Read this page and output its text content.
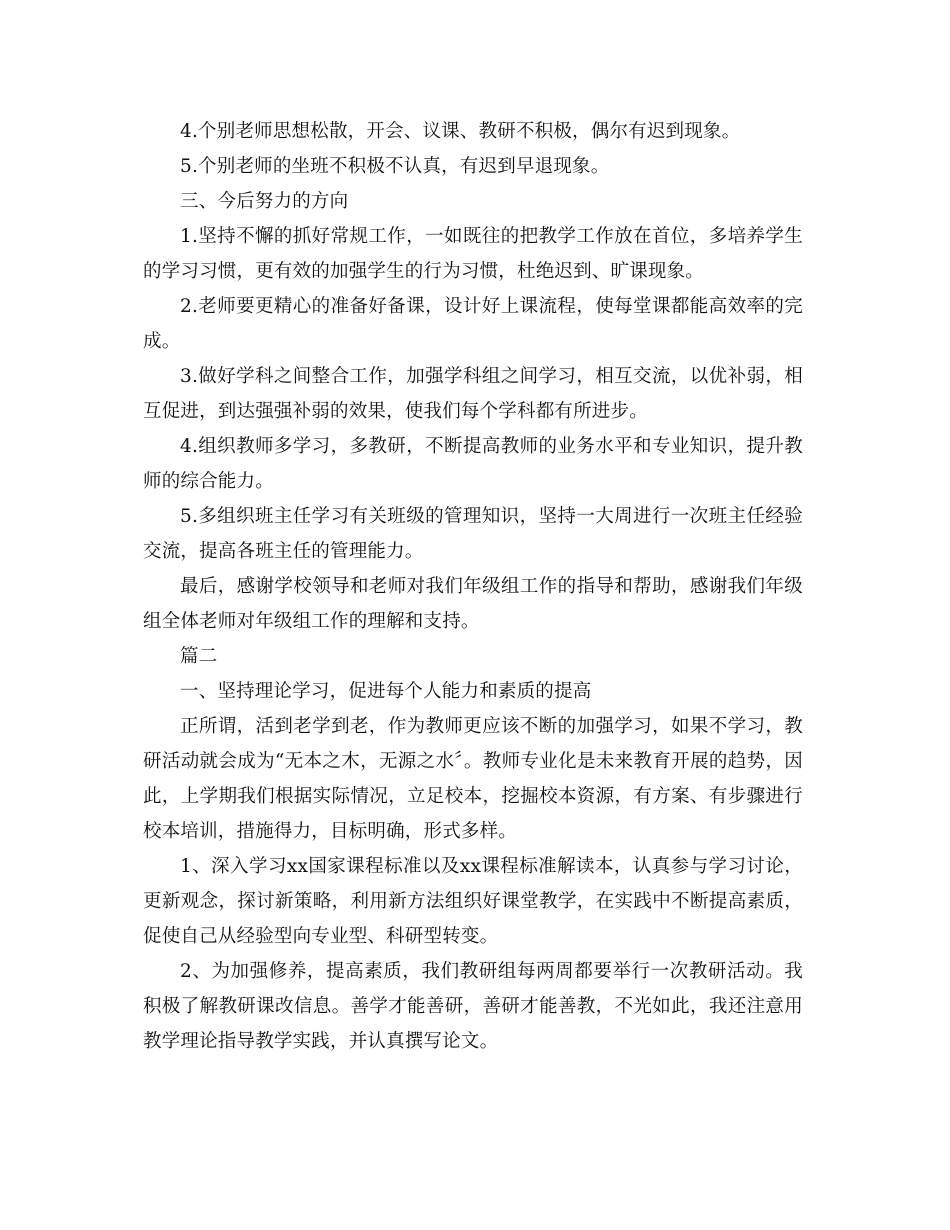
4.个别老师思想松散，开会、议课、教研不积极，偶尔有迟到现象。

5.个别老师的坐班不积极不认真，有迟到早退现象。

三、今后努力的方向

1.坚持不懈的抓好常规工作，一如既往的把教学工作放在首位，多培养学生的学习习惯，更有效的加强学生的行为习惯，杜绝迟到、旷课现象。

2.老师要更精心的准备好备课，设计好上课流程，使每堂课都能高效率的完成。

3.做好学科之间整合工作，加强学科组之间学习，相互交流，以优补弱，相互促进，到达强强补弱的效果，使我们每个学科都有所进步。

4.组织教师多学习，多教研，不断提高教师的业务水平和专业知识，提升教师的综合能力。

5.多组织班主任学习有关班级的管理知识，坚持一大周进行一次班主任经验交流，提高各班主任的管理能力。

最后，感谢学校领导和老师对我们年级组工作的指导和帮助，感谢我们年级组全体老师对年级组工作的理解和支持。

篇二

一、坚持理论学习，促进每个人能力和素质的提高

正所谓，活到老学到老，作为教师更应该不断的加强学习，如果不学习，教研活动就会成为“无本之木，无源之水〞。教师专业化是未来教育开展的趋势，因此，上学期我们根据实际情况，立足校本，挖掘校本资源，有方案、有步骤进行校本培训，措施得力，目标明确，形式多样。

1、深入学习xx国家课程标准以及xx课程标准解读本，认真参与学习讨论，更新观念，探讨新策略，利用新方法组织好课堂教学，在实践中不断提高素质，促使自己从经验型向专业型、科研型转变。

2、为加强修养，提高素质，我们教研组每两周都要举行一次教研活动。我积极了解教研课改信息。善学才能善研，善研才能善教，不光如此，我还注意用教学理论指导教学实践，并认真撰写论文。
